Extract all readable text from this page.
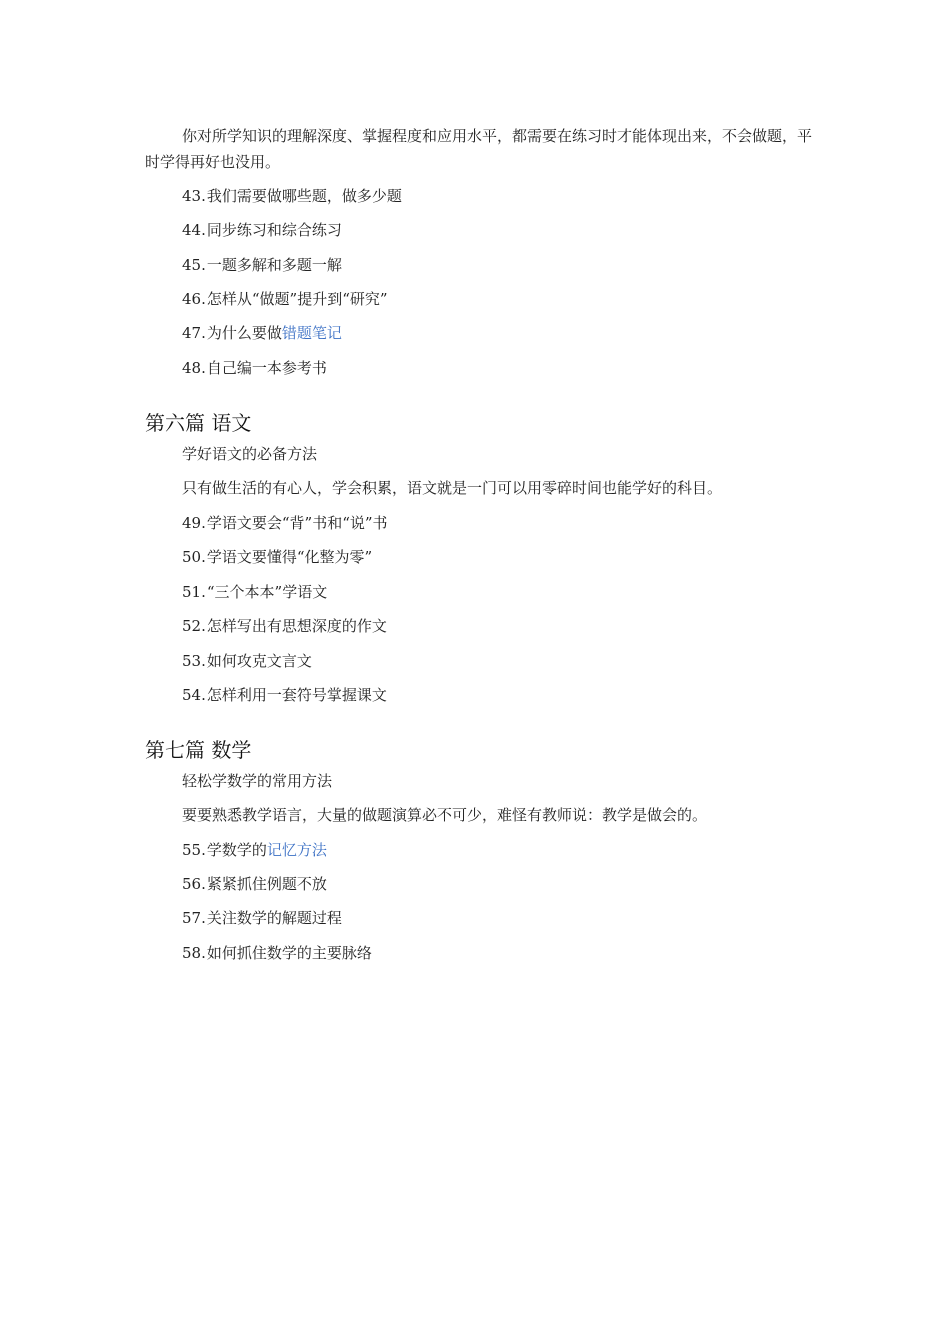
你对所学知识的理解深度、掌握程度和应用水平，都需要在练习时才能体现出来，不会做题，平时学得再好也没用。

43.我们需要做哪些题，做多少题

44.同步练习和综合练习

45.一题多解和多题一解

46.怎样从“做题”提升到“研究”

47.为什么要做错题笔记

48.自己编一本参考书

第六篇 语文

学好语文的必备方法

只有做生活的有心人，学会积累，语文就是一门可以用零碎时间也能学好的科目。

49.学语文要会“背”书和“说”书

50.学语文要懂得“化整为零”

51.“三个本本”学语文

52.怎样写出有思想深度的作文

53.如何攻克文言文

54.怎样利用一套符号掌握课文

第七篇 数学

轻松学数学的常用方法

要要熟悉教学语言，大量的做题演算必不可少，难怪有教师说：教学是做会的。

55.学数学的记忆方法

56.紧紧抓住例题不放

57.关注数学的解题过程

58.如何抓住数学的主要脉络
